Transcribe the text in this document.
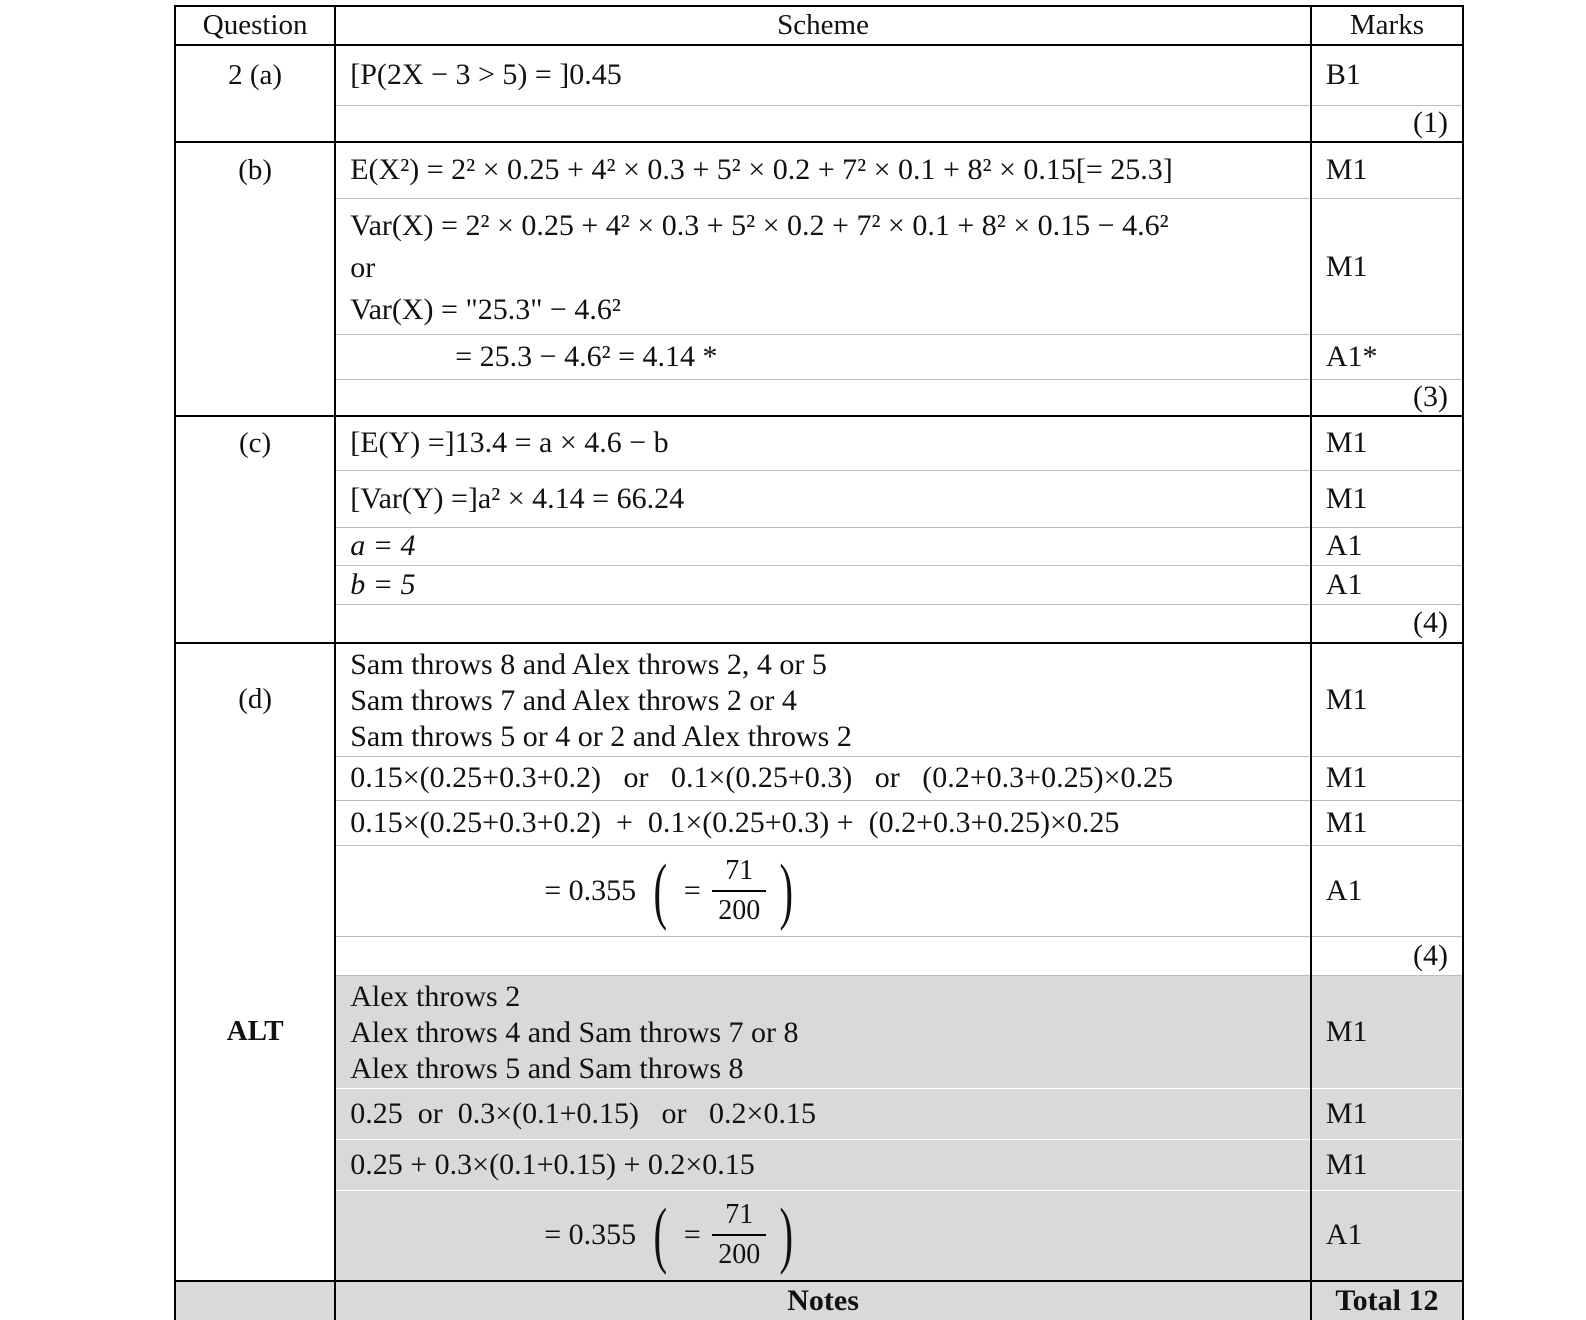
Question	Scheme	Marks
2 (a)	[P(2X − 3 > 5) = ]0.45	B1
		(1)
(b)	E(X²) = 2² × 0.25 + 4² × 0.3 + 5² × 0.2 + 7² × 0.1 + 8² × 0.15[= 25.3]	M1

	Var(X) = 2² × 0.25 + 4² × 0.3 + 5² × 0.2 + 7² × 0.1 + 8² × 0.15 − 4.6²
or
Var(X) = "25.3" − 4.6²	M1
	= 25.3 − 4.6² = 4.14 *	A1*
		(3)
(c)	[E(Y) =]13.4 = a × 4.6 − b	M1
	[Var(Y) =]a² × 4.14 = 66.24	M1
	a = 4	A1
	b = 5	A1
		(4)
(d)	Sam throws 8 and Alex throws 2, 4 or 5
Sam throws 7 and Alex throws 2 or 4
Sam throws 5 or 4 or 2 and Alex throws 2	M1
	0.15×(0.25+0.3+0.2)   or   0.1×(0.25+0.3)   or   (0.2+0.3+0.25)×0.25	M1
	0.15×(0.25+0.3+0.2)  +  0.1×(0.25+0.3) +  (0.2+0.3+0.25)×0.25	M1
	= 0.355 ( = $\frac{71}{200}$ )	A1
		(4)
ALT	Alex throws 2
Alex throws 4 and Sam throws 7 or 8
Alex throws 5 and Sam throws 8	M1
	0.25  or  0.3×(0.1+0.15)   or   0.2×0.15	M1
	0.25 + 0.3×(0.1+0.15) + 0.2×0.15	M1
	= 0.355 ( = $\frac{71}{200}$ )	A1
	Notes	Total 12
